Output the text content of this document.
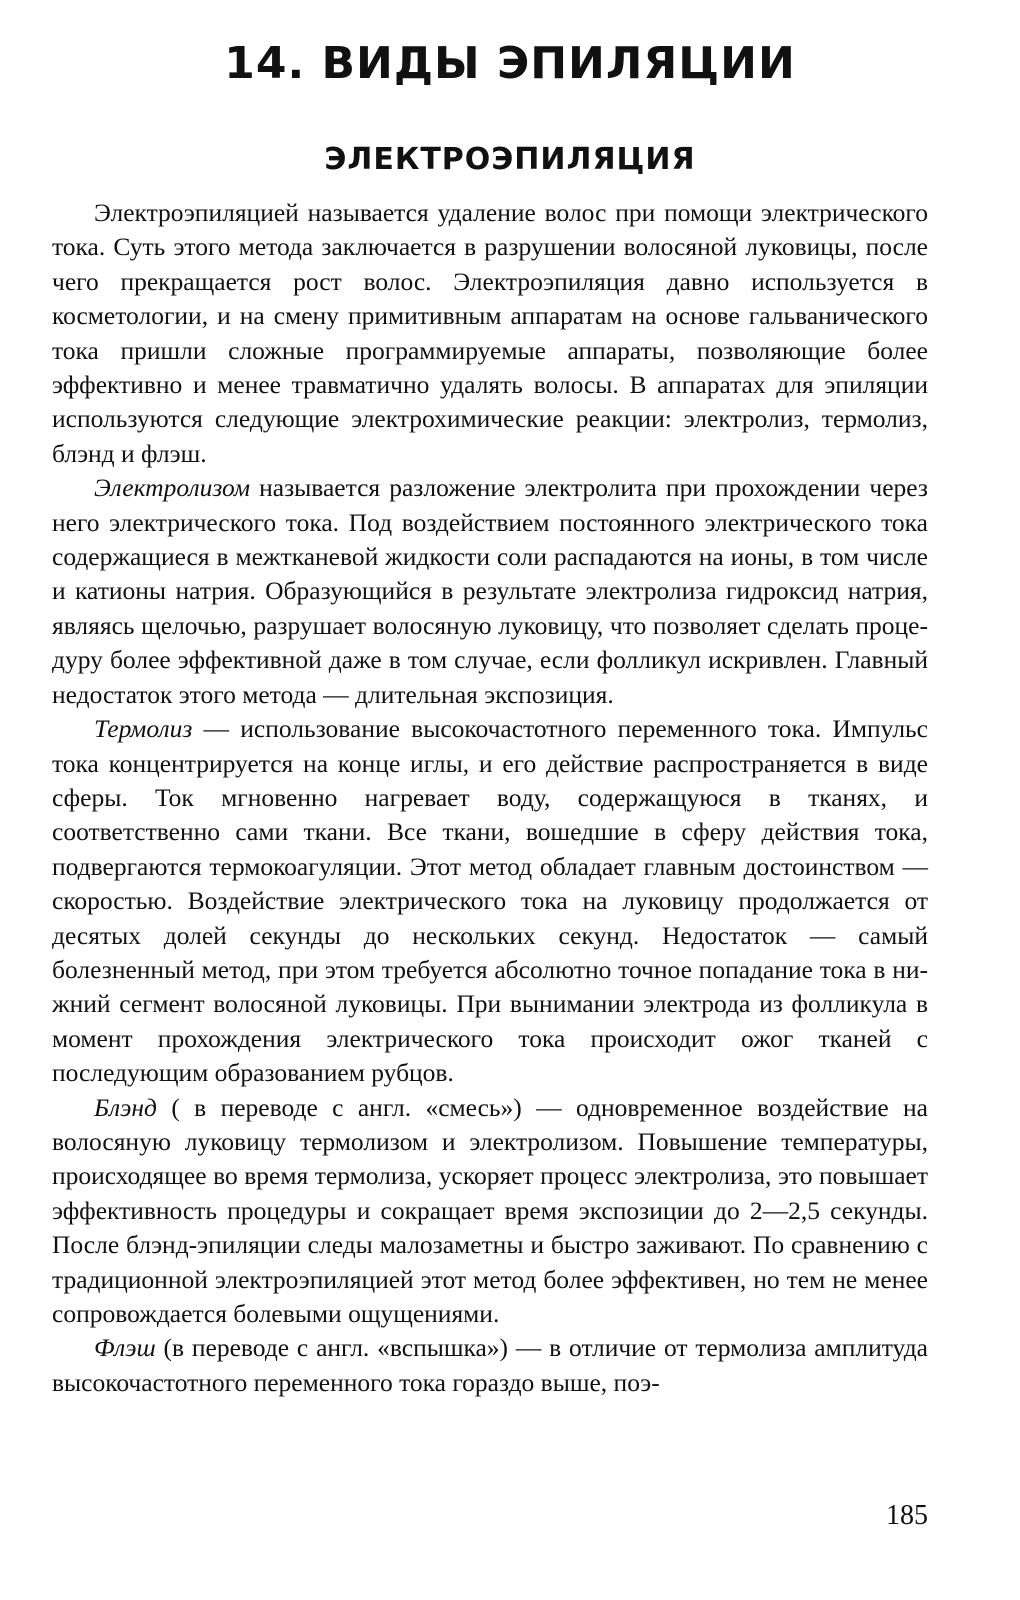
14. ВИДЫ ЭПИЛЯЦИИ
ЭЛЕКТРОЭПИЛЯЦИЯ

Электроэпиляцией называется удаление волос при помощи электрического тока. Суть этого метода заключается в разрушении волосяной луковицы, после чего прекращается рост волос. Электроэпиляция давно используется в косметологии, и на смену примитивным аппаратам на основе гальванического тока пришли сложные программируемые аппараты, позволяющие более эффективно и менее травматично удалять волосы. В аппаратах для эпиляции используются следующие электрохимические реакции: электролиз, термолиз, блэнд и флэш.

Электролизом называется разложение электролита при прохождении через него электрического тока. Под воздействием постоянного электрического тока содержащиеся в межтканевой жидкости соли распадаются на ионы, в том числе и катионы натрия. Образующийся в результате электролиза гидроксид натрия, являясь щелочью, разрушает волосяную луковицу, что позволяет сделать процедуру более эффективной даже в том случае, если фолликул искривлен. Главный недостаток этого метода — длительная экспозиция.

Термолиз — использование высокочастотного переменного тока. Импульс тока концентрируется на конце иглы, и его действие распространяется в виде сферы. Ток мгновенно нагревает воду, содержащуюся в тканях, и соответственно сами ткани. Все ткани, вошедшие в сферу действия тока, подвергаются термокоагуляции. Этот метод обладает главным достоинством — скоростью. Воздействие электрического тока на луковицу продолжается от десятых долей секунды до нескольких секунд. Недостаток — самый болезненный метод, при этом требуется абсолютно точное попадание тока в нижний сегмент волосяной луковицы. При вынимании электрода из фолликула в момент прохождения электрического тока происходит ожог тканей с последующим образованием рубцов.

Блэнд ( в переводе с англ. «смесь») — одновременное воздействие на волосяную луковицу термолизом и электролизом. Повышение температуры, происходящее во время термолиза, ускоряет процесс электролиза, это повышает эффективность процедуры и сокращает время экспозиции до 2—2,5 секунды. После блэнд-эпиляции следы малозаметны и быстро заживают. По сравнению с традиционной электроэпиляцией этот метод более эффективен, но тем не менее сопровождается болевыми ощущениями.

Флэш (в переводе с англ. «вспышка») — в отличие от термолиза амплитуда высокочастотного переменного тока гораздо выше, поэ-

185
